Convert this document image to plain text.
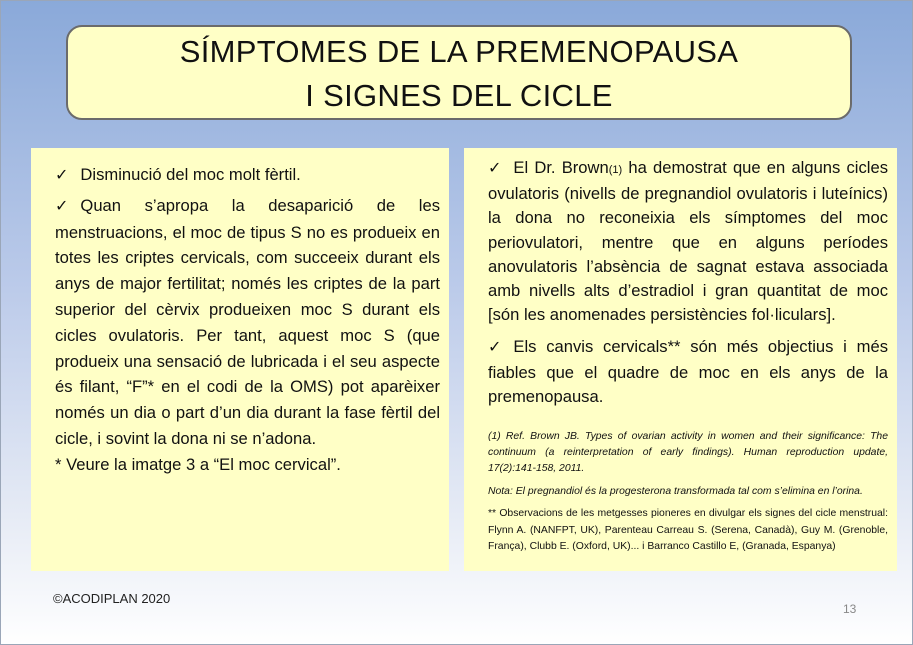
SÍMPTOMES DE LA PREMENOPAUSA
I SIGNES DEL CICLE

✓ Disminució del moc molt fèrtil.

✓ Quan s’apropa la desaparició de les menstruacions, el moc de tipus S no es produeix en totes les criptes cervicals, com succeeix durant els anys de major fertilitat; només les criptes de la part superior del cèrvix produeixen moc S durant els cicles ovulatoris. Per tant, aquest moc S (que produeix una sensació de lubricada i el seu aspecte és filant, “F”* en el codi de la OMS) pot aparèixer només un dia o part d’un dia durant la fase fèrtil del cicle, i sovint la dona ni se n’adona.

* Veure la imatge 3 a “El moc cervical”.

✓ El Dr. Brown(1) ha demostrat que en alguns cicles ovulatoris (nivells de pregnandiol ovulatoris i luteínics) la dona no reconeixia els símptomes del moc periovulatori, mentre que en alguns períodes anovulatoris l’absència de sagnat estava associada amb nivells alts d’estradiol i gran quantitat de moc [són les anomenades persistències fol·liculars].

✓ Els canvis cervicals** són més objectius i més fiables que el quadre de moc en els anys de la premenopausa.

(1) Ref. Brown JB. Types of ovarian activity in women and their significance: The continuum (a reinterpretation of early findings). Human reproduction update, 17(2):141-158, 2011.

Nota: El pregnandiol és la progesterona transformada tal com s’elimina en l’orina.

** Observacions de les metgesses pioneres en divulgar els signes del cicle menstrual: Flynn A. (NANFPT, UK), Parenteau Carreau S. (Serena, Canadà), Guy M. (Grenoble, França), Clubb E. (Oxford, UK)... i Barranco Castillo E, (Granada, Espanya)

©ACODIPLAN 2020
13
